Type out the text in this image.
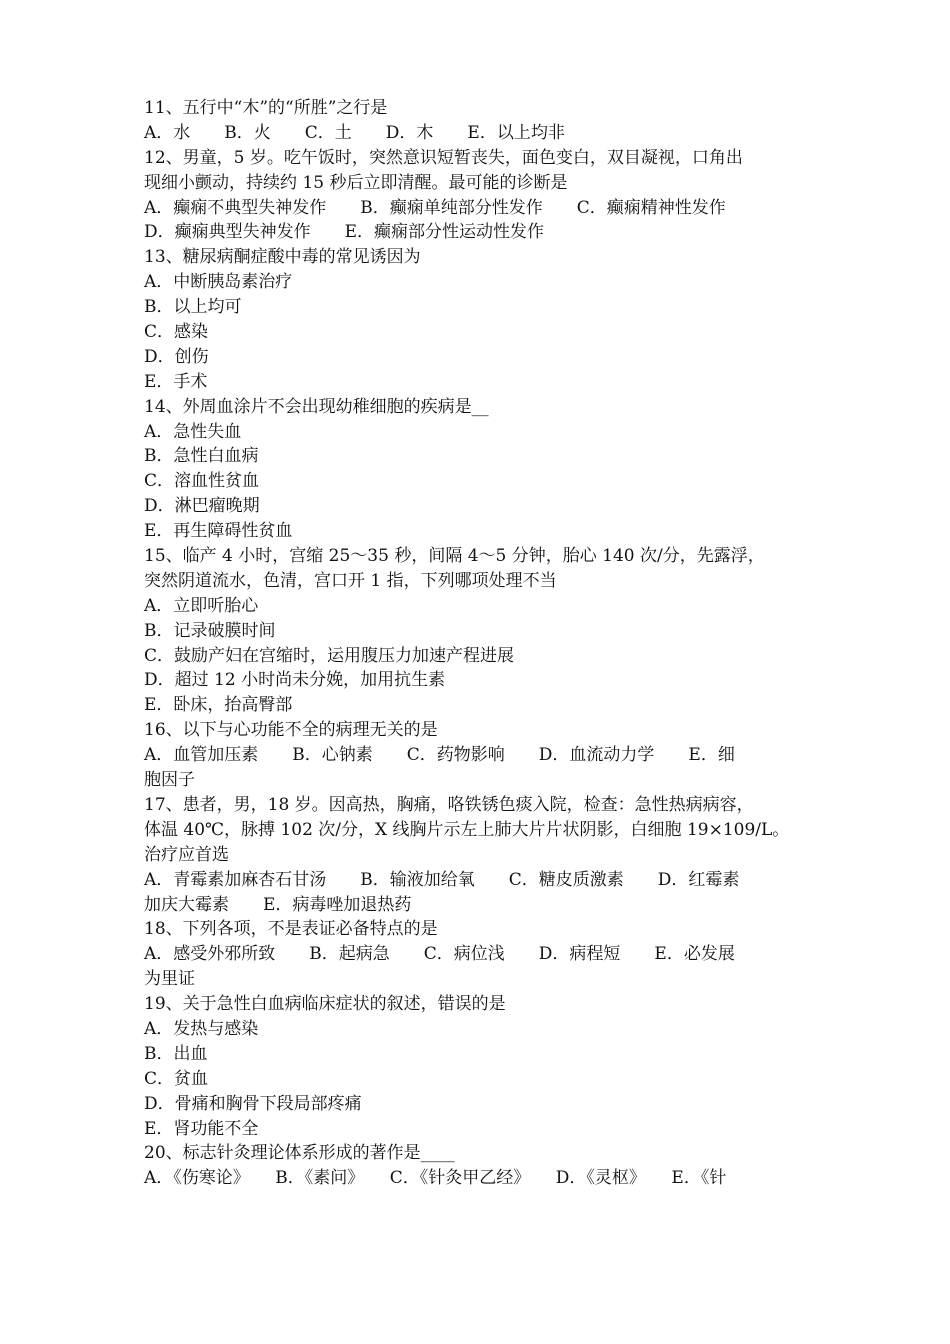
11、五行中“木”的“所胜”之行是
A．水　　B．火　　C．土　　D．木　　E．以上均非
12、男童，5 岁。吃午饭时，突然意识短暂丧失，面色变白，双目凝视，口角出
现细小颤动，持续约 15 秒后立即清醒。最可能的诊断是
A．癫痫不典型失神发作　　B．癫痫单纯部分性发作　　C．癫痫精神性发作
D．癫痫典型失神发作　　E．癫痫部分性运动性发作
13、糖尿病酮症酸中毒的常见诱因为
A．中断胰岛素治疗
B．以上均可
C．感染
D．创伤
E．手术
14、外周血涂片不会出现幼稚细胞的疾病是__
A．急性失血
B．急性白血病
C．溶血性贫血
D．淋巴瘤晚期
E．再生障碍性贫血
15、临产 4 小时，宫缩 25～35 秒，间隔 4～5 分钟，胎心 140 次/分，先露浮，
突然阴道流水，色清，宫口开 1 指，下列哪项处理不当
A．立即听胎心
B．记录破膜时间
C．鼓励产妇在宫缩时，运用腹压力加速产程进展
D．超过 12 小时尚未分娩，加用抗生素
E．卧床，抬高臀部
16、以下与心功能不全的病理无关的是
A．血管加压素　　B．心钠素　　C．药物影响　　D．血流动力学　　E．细
胞因子
17、患者，男，18 岁。因高热，胸痛，咯铁锈色痰入院，检查：急性热病病容，
体温 40℃，脉搏 102 次/分，X 线胸片示左上肺大片片状阴影，白细胞 19×109/L。
治疗应首选
A．青霉素加麻杏石甘汤　　B．输液加给氧　　C．糖皮质激素　　D．红霉素
加庆大霉素　　E．病毒唑加退热药
18、下列各项，不是表证必备特点的是
A．感受外邪所致　　B．起病急　　C．病位浅　　D．病程短　　E．必发展
为里证
19、关于急性白血病临床症状的叙述，错误的是
A．发热与感染
B．出血
C．贫血
D．骨痛和胸骨下段局部疼痛
E．肾功能不全
20、标志针灸理论体系形成的著作是____
A．《伤寒论》　　B．《素问》　　C．《针灸甲乙经》　　D．《灵枢》　　E．《针
